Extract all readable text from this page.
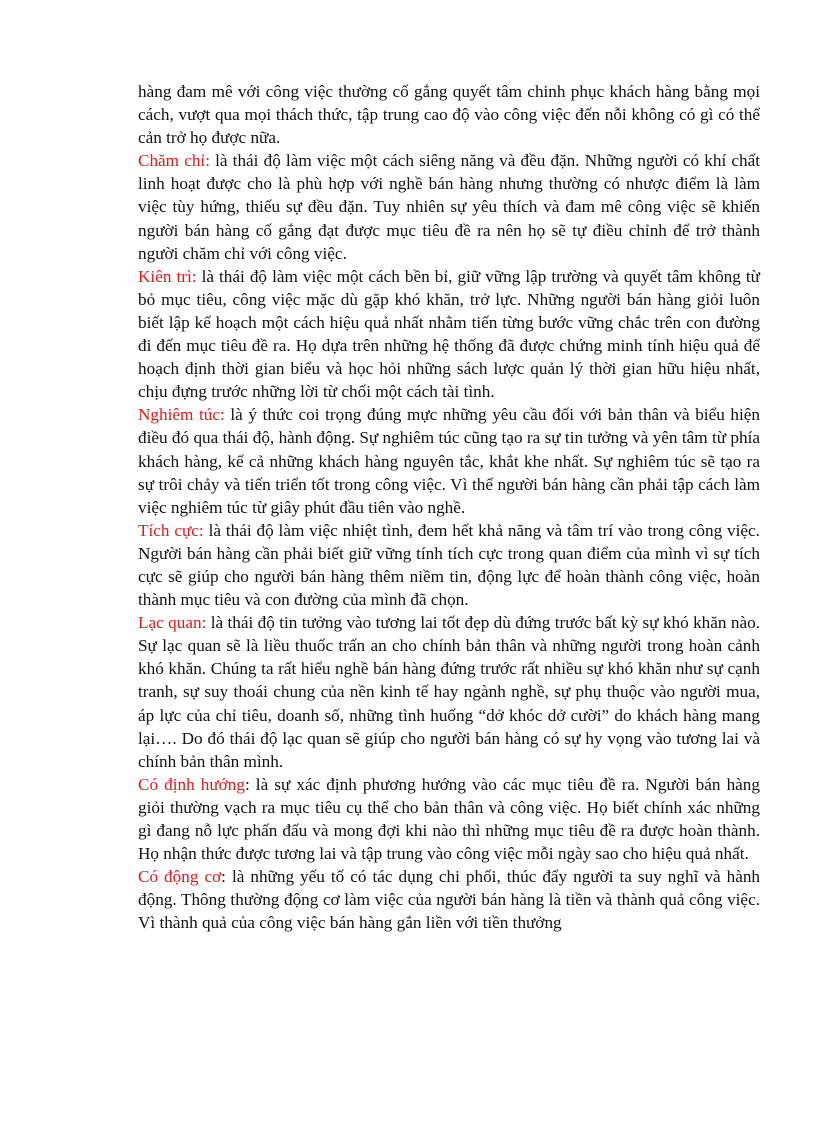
hàng đam mê với công việc thường cố gắng quyết tâm chinh phục khách hàng bằng mọi cách, vượt qua mọi thách thức, tập trung cao độ vào công việc đến nỗi không có gì có thể cản trở họ được nữa.

Chăm chỉ: là thái độ làm việc một cách siêng năng và đều đặn. Những người có khí chất linh hoạt được cho là phù hợp với nghề bán hàng nhưng thường có nhược điểm là làm việc tùy hứng, thiếu sự đều đặn. Tuy nhiên sự yêu thích và đam mê công việc sẽ khiến người bán hàng cố gắng đạt được mục tiêu đề ra nên họ sẽ tự điều chỉnh để trở thành người chăm chỉ với công việc.

Kiên trì: là thái độ làm việc một cách bền bỉ, giữ vững lập trường và quyết tâm không từ bỏ mục tiêu, công việc mặc dù gặp khó khăn, trở lực. Những người bán hàng giỏi luôn biết lập kế hoạch một cách hiệu quả nhất nhằm tiến từng bước vững chắc trên con đường đi đến mục tiêu đề ra. Họ dựa trên những hệ thống đã được chứng minh tính hiệu quả để hoạch định thời gian biểu và học hỏi những sách lược quản lý thời gian hữu hiệu nhất, chịu đựng trước những lời từ chối một cách tài tình.

Nghiêm túc: là ý thức coi trọng đúng mực những yêu cầu đối với bản thân và biểu hiện điều đó qua thái độ, hành động. Sự nghiêm túc cũng tạo ra sự tin tưởng và yên tâm từ phía khách hàng, kể cả những khách hàng nguyên tắc, khắt khe nhất. Sự nghiêm túc sẽ tạo ra sự trôi chảy và tiến triển tốt trong công việc. Vì thế người bán hàng cần phải tập cách làm việc nghiêm túc từ giây phút đầu tiên vào nghề.

Tích cực: là thái độ làm việc nhiệt tình, đem hết khả năng và tâm trí vào trong công việc. Người bán hàng cần phải biết giữ vững tính tích cực trong quan điểm của mình vì sự tích cực sẽ giúp cho người bán hàng thêm niềm tin, động lực để hoàn thành công việc, hoàn thành mục tiêu và con đường của mình đã chọn.

Lạc quan: là thái độ tin tưởng vào tương lai tốt đẹp dù đứng trước bất kỳ sự khó khăn nào. Sự lạc quan sẽ là liều thuốc trấn an cho chính bản thân và những người trong hoàn cảnh khó khăn. Chúng ta rất hiểu nghề bán hàng đứng trước rất nhiều sự khó khăn như sự cạnh tranh, sự suy thoái chung của nền kinh tế hay ngành nghề, sự phụ thuộc vào người mua, áp lực của chỉ tiêu, doanh số, những tình huống “dở khóc dở cười” do khách hàng mang lại…. Do đó thái độ lạc quan sẽ giúp cho người bán hàng có sự hy vọng vào tương lai và chính bản thân mình.

Có định hướng: là sự xác định phương hướng vào các mục tiêu đề ra. Người bán hàng giỏi thường vạch ra mục tiêu cụ thể cho bản thân và công việc. Họ biết chính xác những gì đang nỗ lực phấn đấu và mong đợi khi nào thì những mục tiêu đề ra được hoàn thành. Họ nhận thức được tương lai và tập trung vào công việc mỗi ngày sao cho hiệu quả nhất.

Có động cơ: là những yếu tố có tác dụng chi phối, thúc đẩy người ta suy nghĩ và hành động. Thông thường động cơ làm việc của người bán hàng là tiền và thành quả công việc. Vì thành quả của công việc bán hàng gắn liền với tiền thưởng
